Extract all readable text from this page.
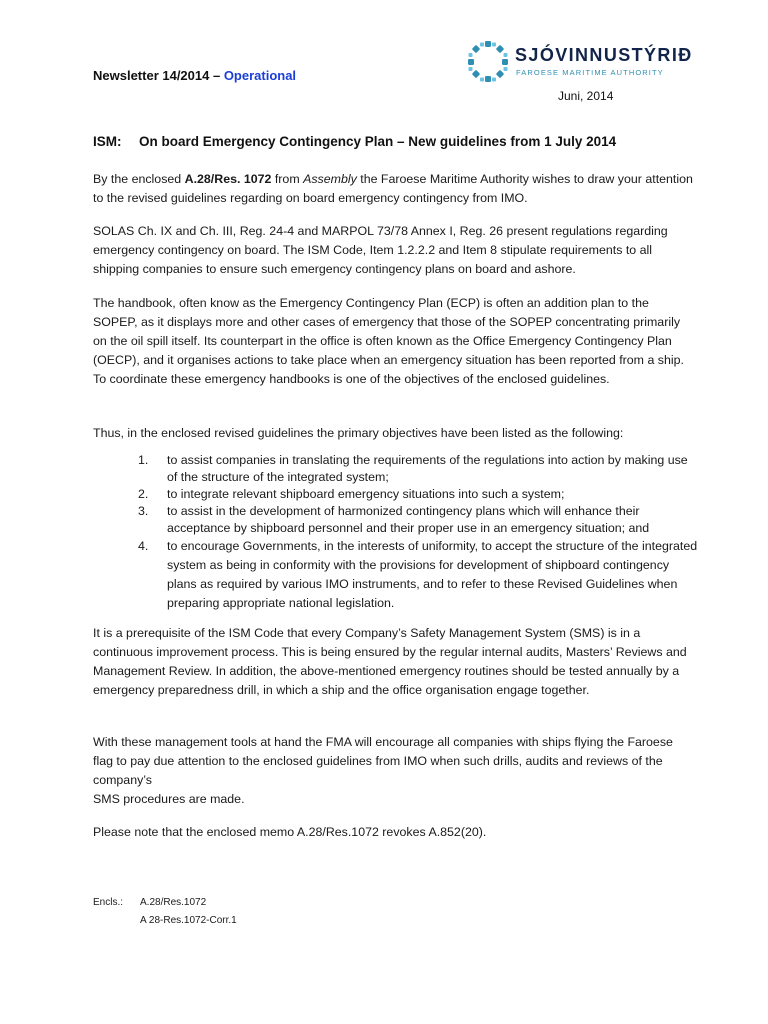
Newsletter 14/2014 – Operational
SJÓVINNUSTÝRIÐ
FAROESE MARITIME AUTHORITY
Juni, 2014
ISM: On board Emergency Contingency Plan – New guidelines from 1 July 2014

By the enclosed A.28/Res. 1072 from Assembly the Faroese Maritime Authority wishes to draw your attention to the revised guidelines regarding on board emergency contingency from IMO.

SOLAS Ch. IX and Ch. III, Reg. 24-4 and MARPOL 73/78 Annex I, Reg. 26 present regulations regarding emergency contingency on board. The ISM Code, Item 1.2.2.2 and Item 8 stipulate requirements to all shipping companies to ensure such emergency contingency plans on board and ashore.

The handbook, often know as the Emergency Contingency Plan (ECP) is often an addition plan to the SOPEP, as it displays more and other cases of emergency that those of the SOPEP concentrating primarily on the oil spill itself. Its counterpart in the office is often known as the Office Emergency Contingency Plan (OECP), and it organises actions to take place when an emergency situation has been reported from a ship. To coordinate these emergency handbooks is one of the objectives of the enclosed guidelines.

Thus, in the enclosed revised guidelines the primary objectives have been listed as the following:

1. to assist companies in translating the requirements of the regulations into action by making use of the structure of the integrated system;
2. to integrate relevant shipboard emergency situations into such a system;
3. to assist in the development of harmonized contingency plans which will enhance their acceptance by shipboard personnel and their proper use in an emergency situation; and
4. to encourage Governments, in the interests of uniformity, to accept the structure of the integrated system as being in conformity with the provisions for development of shipboard contingency plans as required by various IMO instruments, and to refer to these Revised Guidelines when preparing appropriate national legislation.

It is a prerequisite of the ISM Code that every Company’s Safety Management System (SMS) is in a continuous improvement process. This is being ensured by the regular internal audits, Masters’ Reviews and Management Review. In addition, the above-mentioned emergency routines should be tested annually by a emergency preparedness drill, in which a ship and the office organisation engage together.

With these management tools at hand the FMA will encourage all companies with ships flying the Faroese flag to pay due attention to the enclosed guidelines from IMO when such drills, audits and reviews of the company’s
SMS procedures are made.

Please note that the enclosed memo A.28/Res.1072 revokes A.852(20).

Encls.: A.28/Res.1072
A 28-Res.1072-Corr.1
